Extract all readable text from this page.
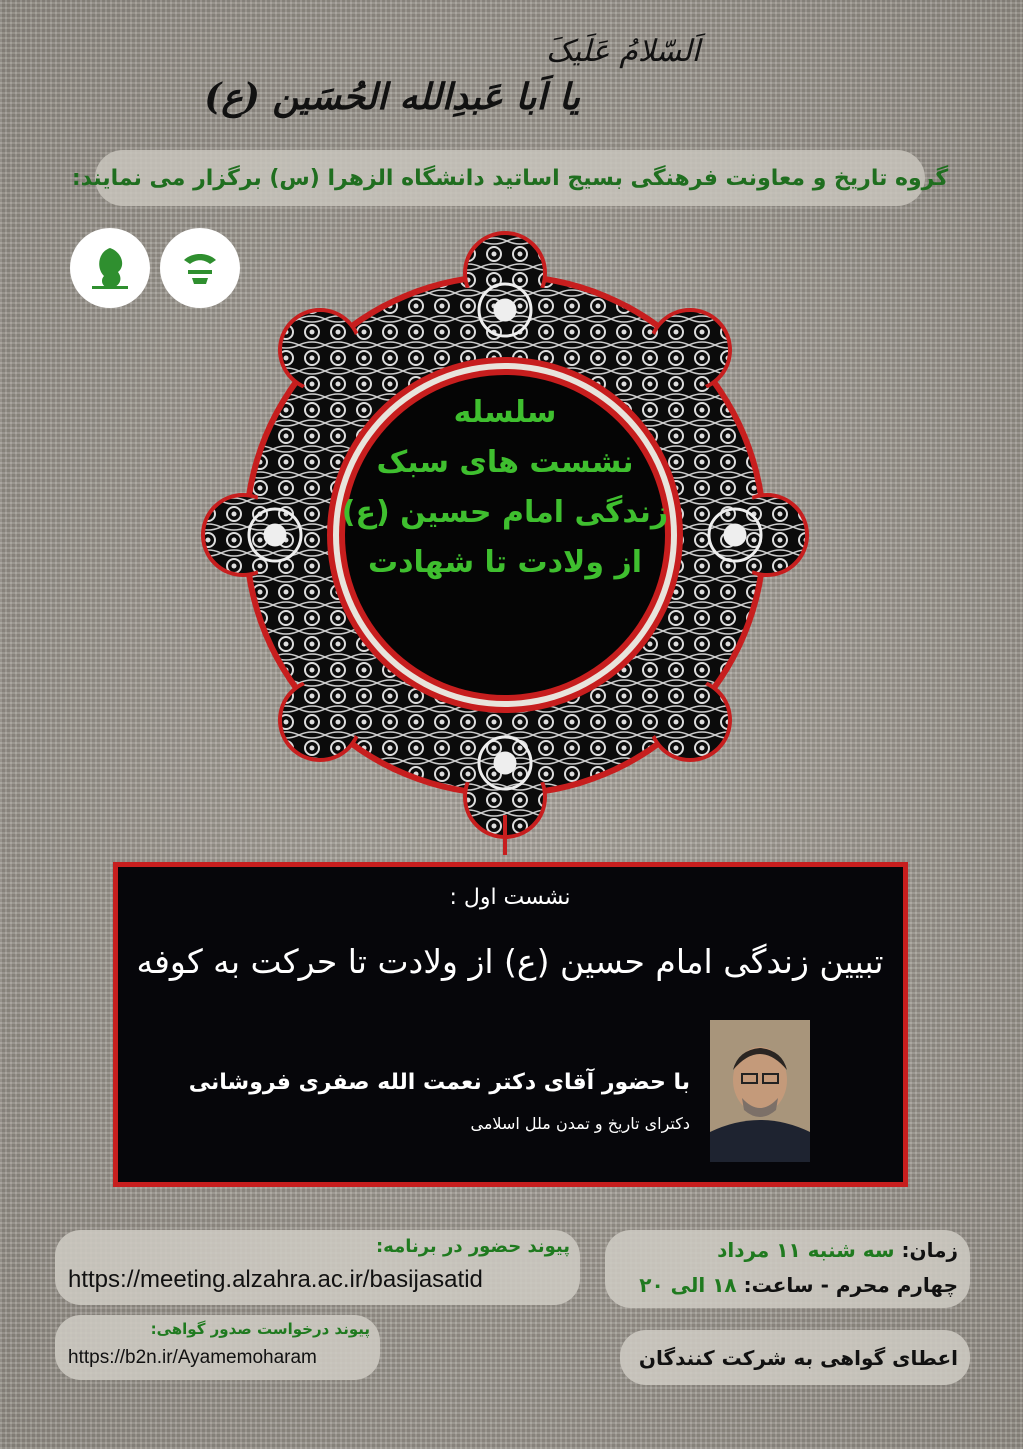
اَلسّلامُ عَلَیکَ
یا اَبا عَبدِالله الحُسَین (ع)
گروه تاریخ و معاونت فرهنگی بسیج اساتید دانشگاه الزهرا (س) برگزار می نمایند:
سلسله
نشست های سبک
زندگی امام حسین (ع)
از ولادت تا شهادت
نشست اول :
تبیین زندگی امام حسین (ع) از ولادت تا حرکت به کوفه
با حضور آقای دکتر نعمت الله صفری فروشانی
دکترای تاریخ و تمدن ملل اسلامی
پیوند حضور در برنامه:
https://meeting.alzahra.ac.ir/basijasatid
پیوند درخواست صدور گواهی:
https://b2n.ir/Ayamemoharam
زمان: سه شنبه ۱۱ مرداد
چهارم محرم - ساعت: ۱۸ الی ۲۰
اعطای گواهی به شرکت کنندگان
